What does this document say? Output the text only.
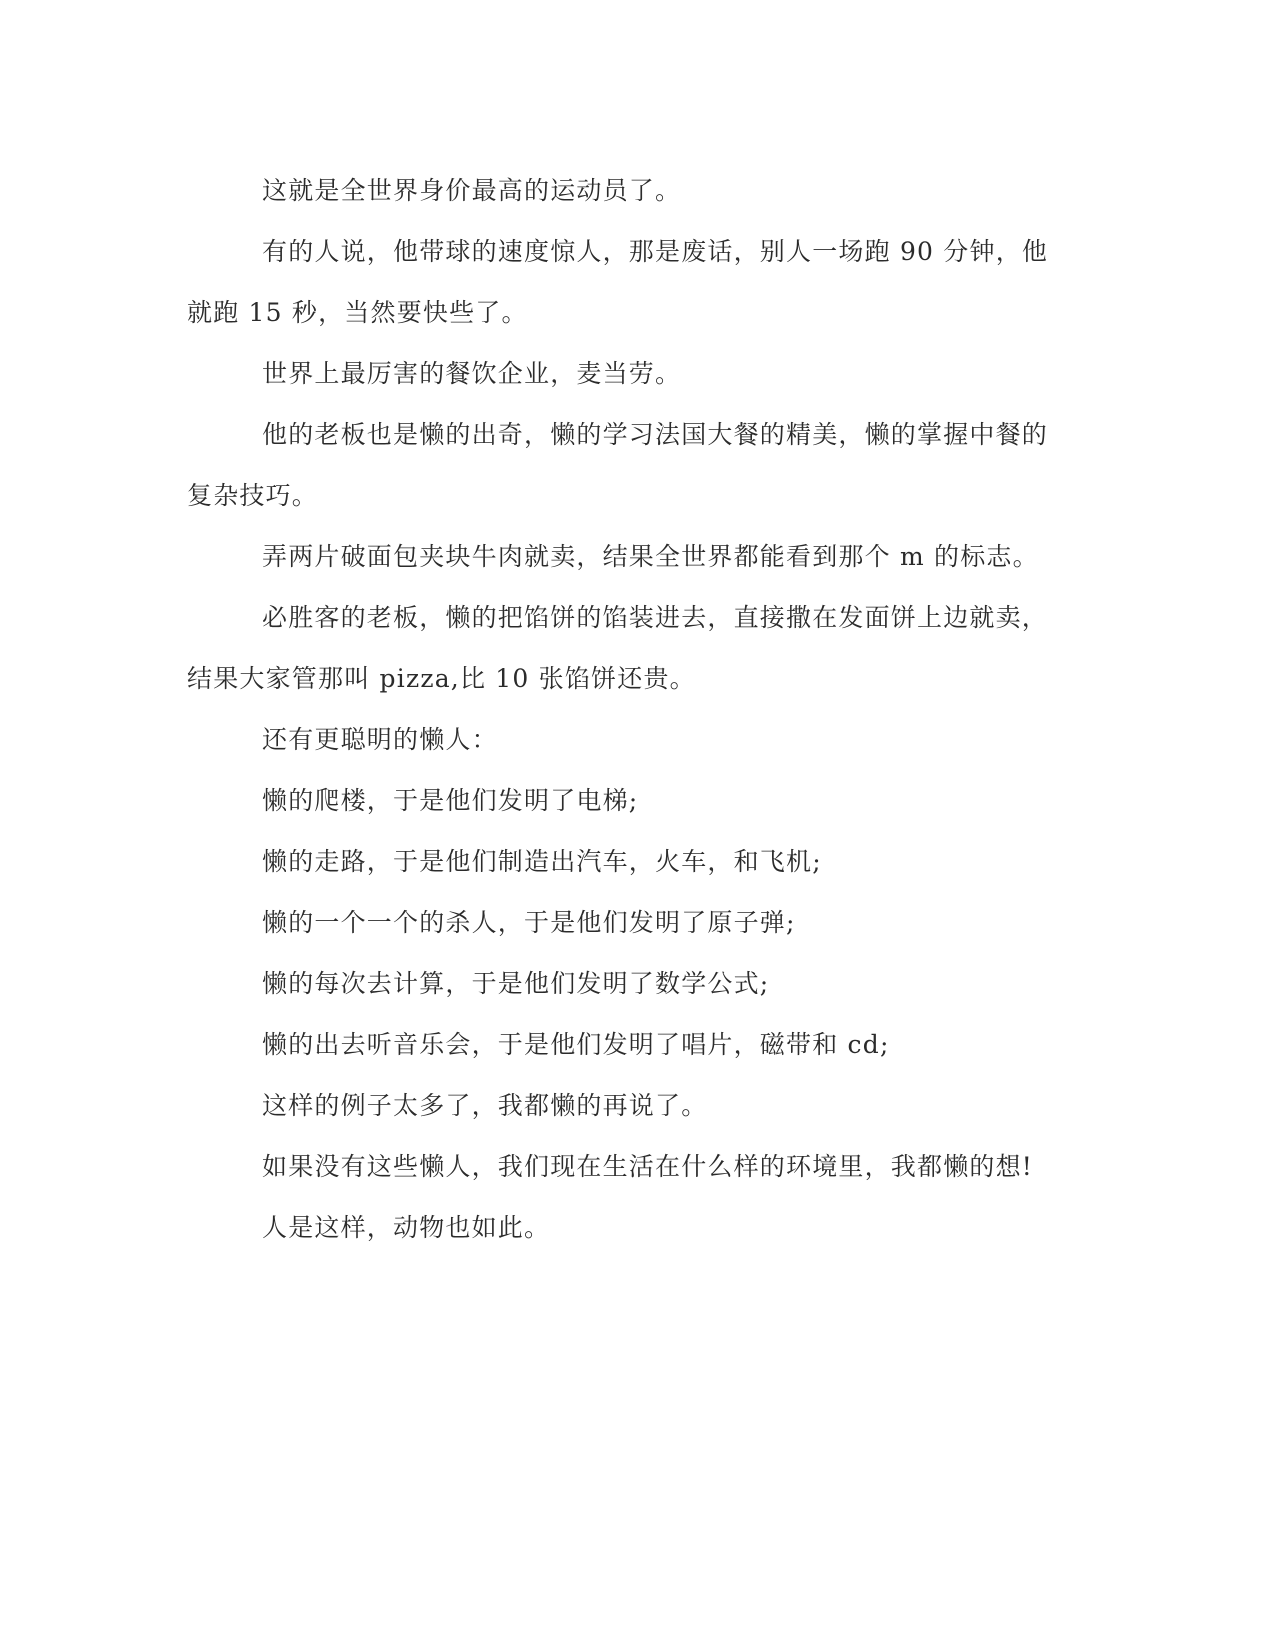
这就是全世界身价最高的运动员了。

有的人说，他带球的速度惊人，那是废话，别人一场跑 90 分钟，他就跑 15 秒，当然要快些了。

世界上最厉害的餐饮企业，麦当劳。

他的老板也是懒的出奇，懒的学习法国大餐的精美，懒的掌握中餐的复杂技巧。

弄两片破面包夹块牛肉就卖，结果全世界都能看到那个 m 的标志。

必胜客的老板，懒的把馅饼的馅装进去，直接撒在发面饼上边就卖，结果大家管那叫 pizza,比 10 张馅饼还贵。

还有更聪明的懒人：

懒的爬楼，于是他们发明了电梯;

懒的走路，于是他们制造出汽车，火车，和飞机;

懒的一个一个的杀人，于是他们发明了原子弹;

懒的每次去计算，于是他们发明了数学公式;

懒的出去听音乐会，于是他们发明了唱片，磁带和 cd;

这样的例子太多了，我都懒的再说了。

如果没有这些懒人，我们现在生活在什么样的环境里，我都懒的想!

人是这样，动物也如此。
